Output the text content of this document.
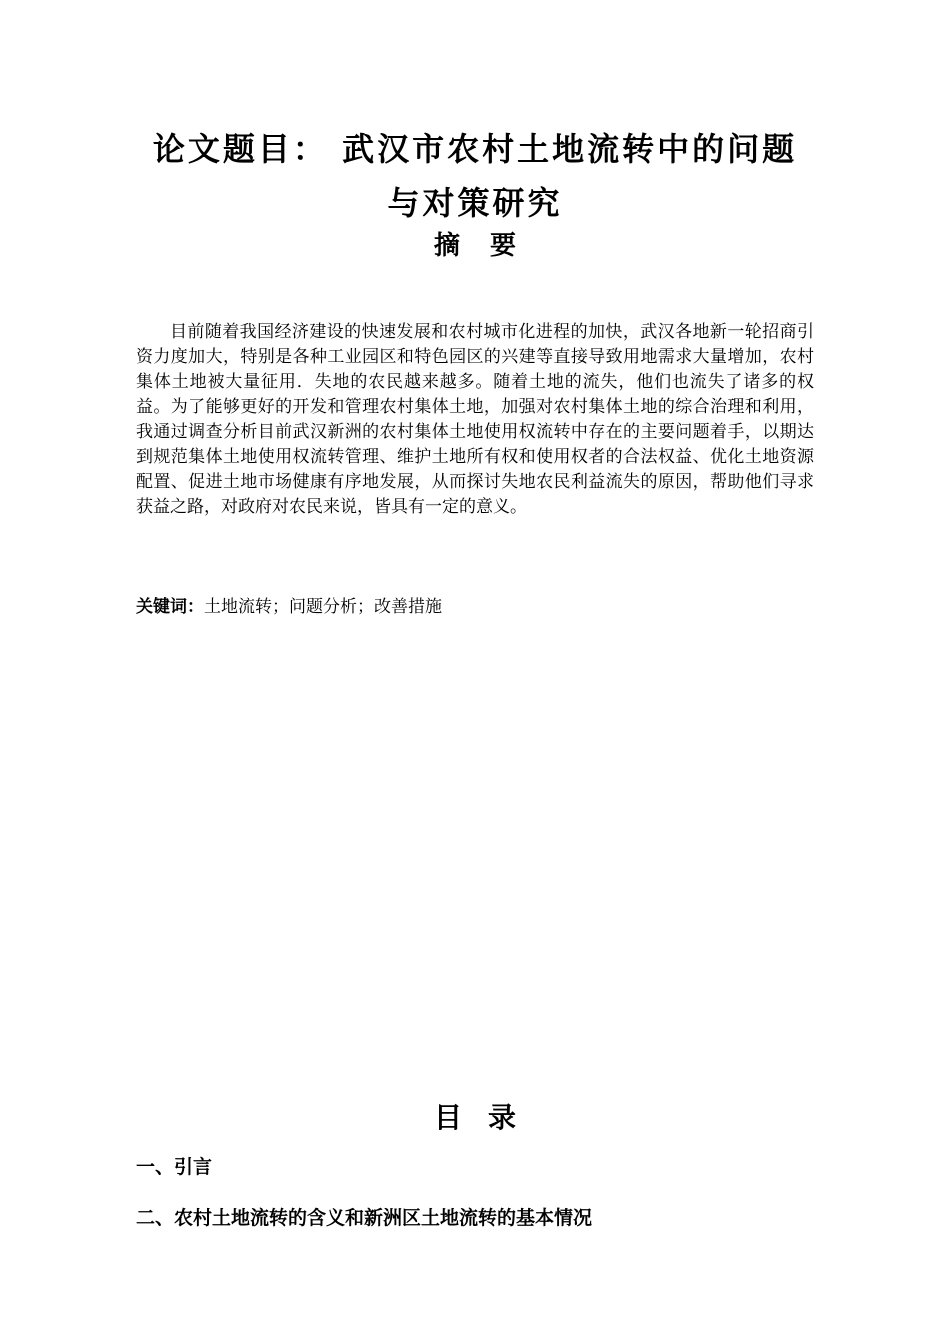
论文题目： 武汉市农村土地流转中的问题
与对策研究
摘要

目前随着我国经济建设的快速发展和农村城市化进程的加快，武汉各地新一轮招商引资力度加大，特别是各种工业园区和特色园区的兴建等直接导致用地需求大量增加，农村集体土地被大量征用．失地的农民越来越多。随着土地的流失，他们也流失了诸多的权益。为了能够更好的开发和管理农村集体土地，加强对农村集体土地的综合治理和利用，我通过调查分析目前武汉新洲的农村集体土地使用权流转中存在的主要问题着手，以期达到规范集体土地使用权流转管理、维护土地所有权和使用权者的合法权益、优化土地资源配置、促进土地市场健康有序地发展，从而探讨失地农民利益流失的原因，帮助他们寻求获益之路，对政府对农民来说，皆具有一定的意义。

关键词：土地流转；问题分析；改善措施

目录

一、引言

二、农村土地流转的含义和新洲区土地流转的基本情况
